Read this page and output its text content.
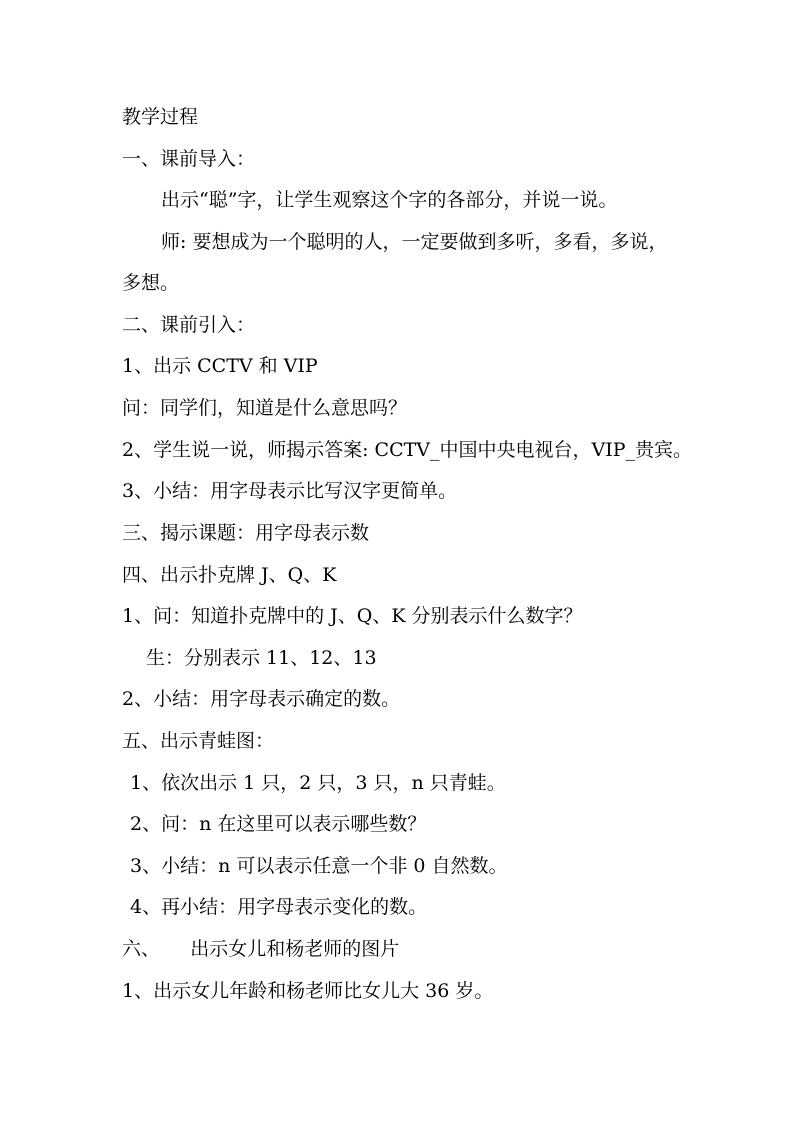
教学过程
一、课前导入：
出示“聪”字，让学生观察这个字的各部分，并说一说。
师: 要想成为一个聪明的人，一定要做到多听，多看，多说，
多想。
二、课前引入：
1、出示 CCTV 和 VIP
问：同学们，知道是什么意思吗？
2、学生说一说，师揭示答案: CCTV_中国中央电视台，VIP_贵宾。
3、小结：用字母表示比写汉字更简单。
三、揭示课题：用字母表示数
四、出示扑克牌 J、Q、K
1、问：知道扑克牌中的 J、Q、K 分别表示什么数字？
生：分别表示 11、12、13
2、小结：用字母表示确定的数。
五、出示青蛙图：
1、依次出示 1 只，2 只，3 只，n 只青蛙。
2、问：n 在这里可以表示哪些数？
3、小结：n 可以表示任意一个非 0 自然数。
4、再小结：用字母表示变化的数。
六、     出示女儿和杨老师的图片
1、出示女儿年龄和杨老师比女儿大 36 岁。
